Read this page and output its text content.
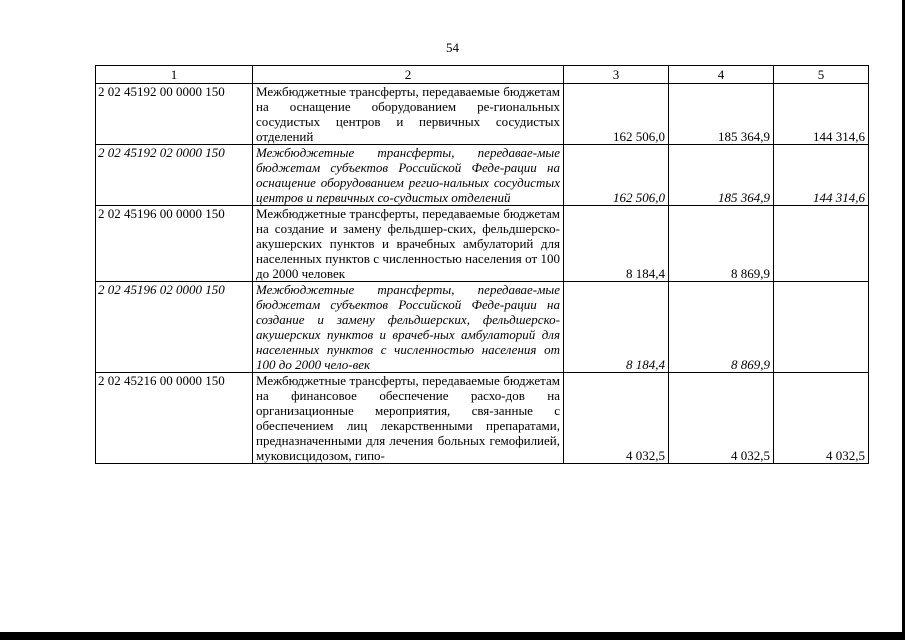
54
1	2	3	4	5
2 02 45192 00 0000 150	Межбюджетные трансферты, передаваемые бюджетам на оснащение оборудованием ре-гиональных сосудистых центров и первичных сосудистых отделений	162 506,0	185 364,9	144 314,6
2 02 45192 02 0000 150	Межбюджетные трансферты, передавае-мые бюджетам субъектов Российской Феде-рации на оснащение оборудованием регио-нальных сосудистых центров и первичных со-судистых отделений	162 506,0	185 364,9	144 314,6
2 02 45196 00 0000 150	Межбюджетные трансферты, передаваемые бюджетам на создание и замену фельдшер-ских, фельдшерско-акушерских пунктов и врачебных амбулаторий для населенных пунктов с численностью населения от 100 до 2000 человек	8 184,4	8 869,9	
2 02 45196 02 0000 150	Межбюджетные трансферты, передавае-мые бюджетам субъектов Российской Феде-рации на создание и замену фельдшерских, фельдшерско-акушерских пунктов и врачеб-ных амбулаторий для населенных пунктов с численностью населения от 100 до 2000 чело-век	8 184,4	8 869,9	
2 02 45216 00 0000 150	Межбюджетные трансферты, передаваемые бюджетам на финансовое обеспечение расхо-дов на организационные мероприятия, свя-занные с обеспечением лиц лекарственными препаратами, предназначенными для лечения больных гемофилией, муковисцидозом, гипо-	4 032,5	4 032,5	4 032,5
